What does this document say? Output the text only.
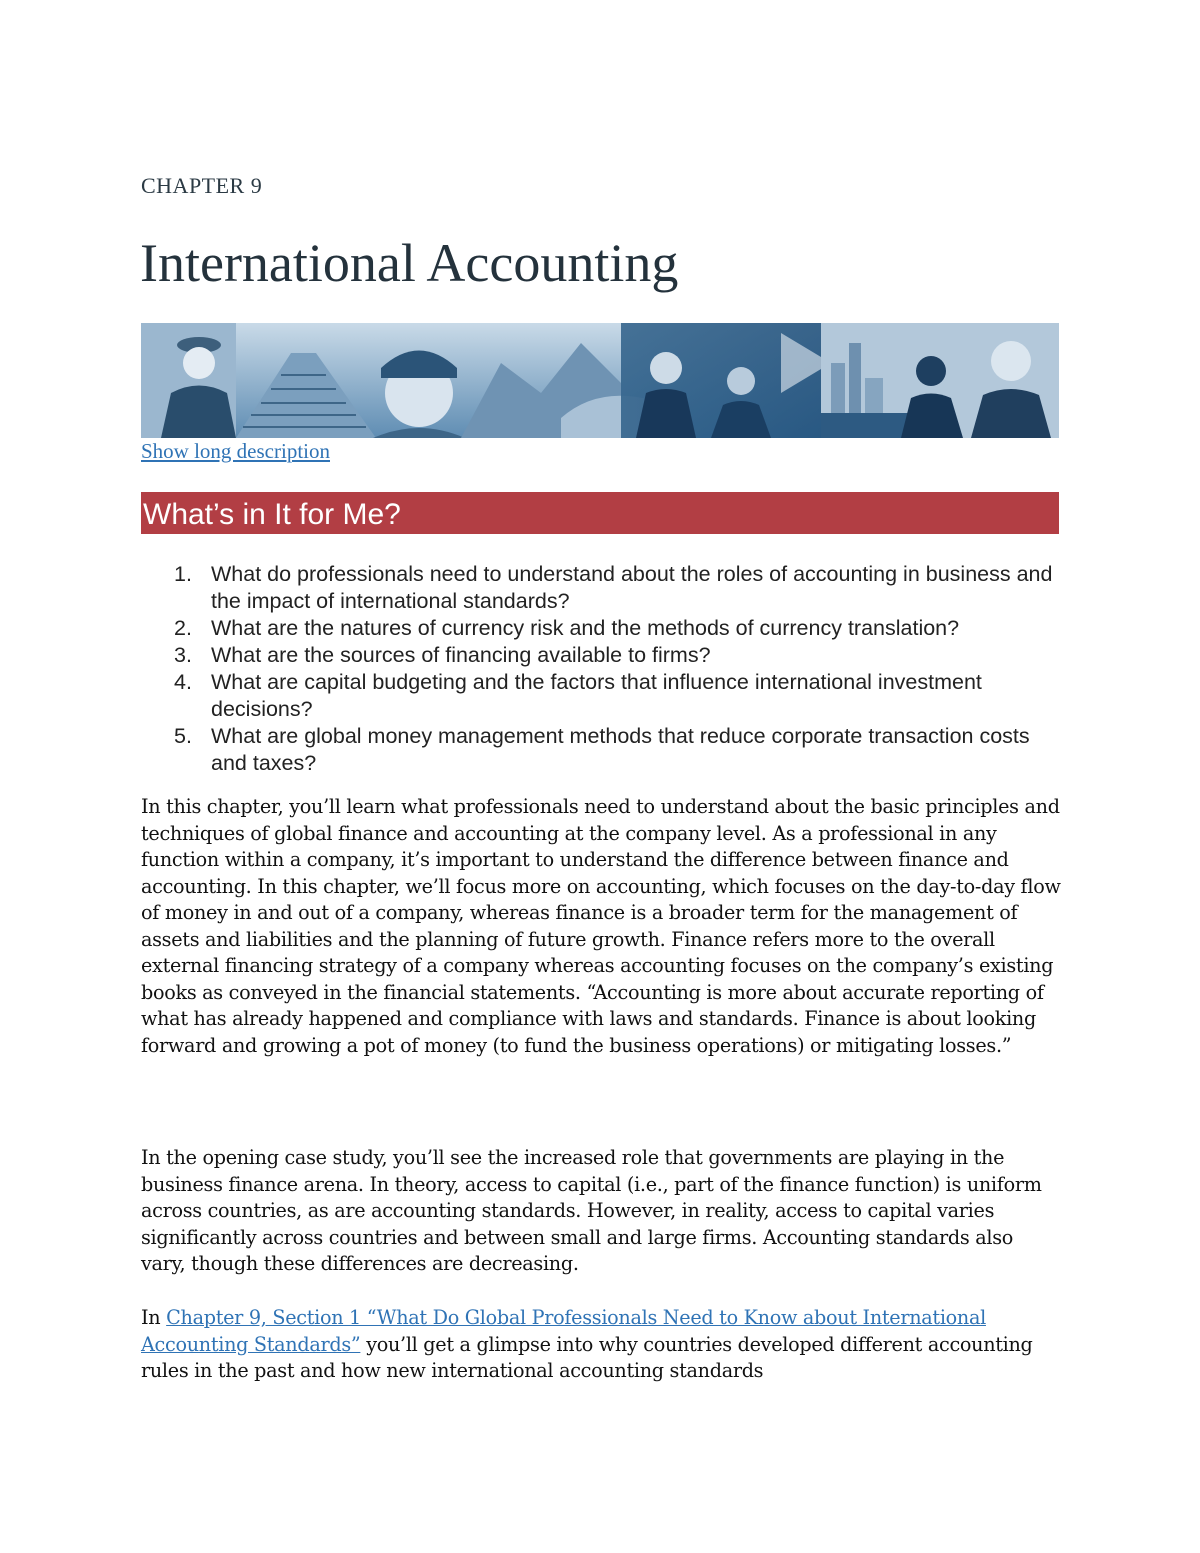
CHAPTER 9
International Accounting
Show long description
What’s in It for Me?
1. What do professionals need to understand about the roles of accounting in business and the impact of international standards?
2. What are the natures of currency risk and the methods of currency translation?
3. What are the sources of financing available to firms?
4. What are capital budgeting and the factors that influence international investment decisions?
5. What are global money management methods that reduce corporate transaction costs and taxes?

In this chapter, you’ll learn what professionals need to understand about the basic principles and techniques of global finance and accounting at the company level. As a professional in any function within a company, it’s important to understand the difference between finance and accounting. In this chapter, we’ll focus more on accounting, which focuses on the day-to-day flow of money in and out of a company, whereas finance is a broader term for the management of assets and liabilities and the planning of future growth. Finance refers more to the overall external financing strategy of a company whereas accounting focuses on the company’s existing books as conveyed in the financial statements. “Accounting is more about accurate reporting of what has already happened and compliance with laws and standards. Finance is about looking forward and growing a pot of money (to fund the business operations) or mitigating losses.”

In the opening case study, you’ll see the increased role that governments are playing in the business finance arena. In theory, access to capital (i.e., part of the finance function) is uniform across countries, as are accounting standards. However, in reality, access to capital varies significantly across countries and between small and large firms. Accounting standards also vary, though these differences are decreasing.

In Chapter 9, Section 1 “What Do Global Professionals Need to Know about International Accounting Standards” you’ll get a glimpse into why countries developed different accounting rules in the past and how new international accounting standards
